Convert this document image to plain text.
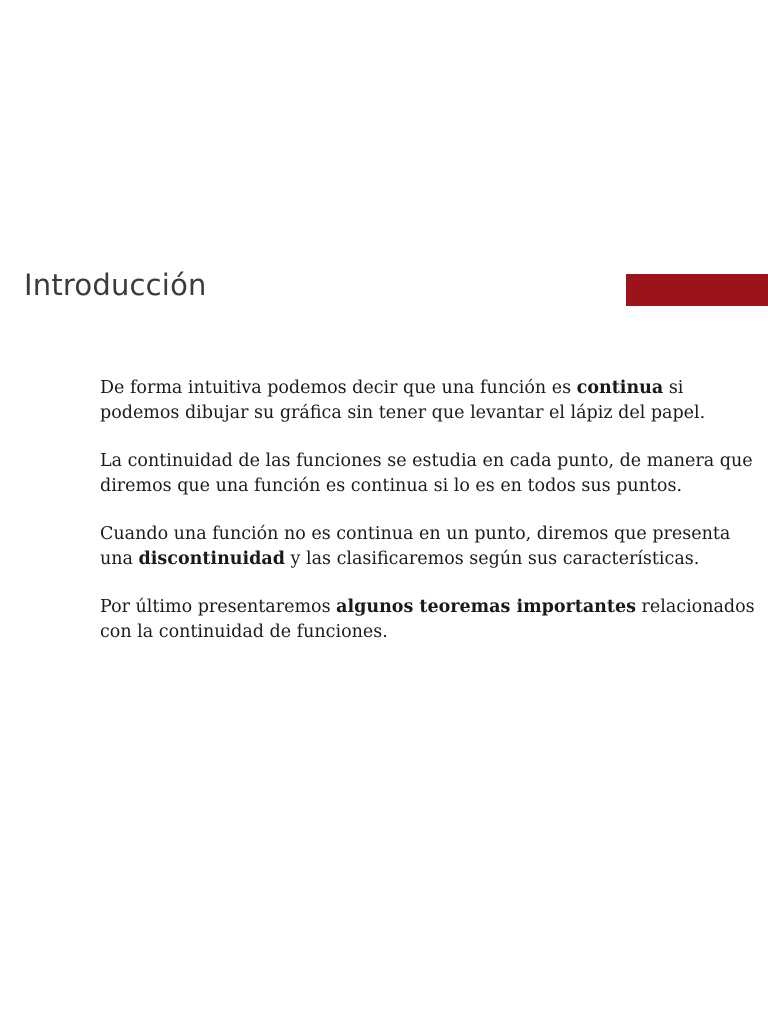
Introducción

De forma intuitiva podemos decir que una función es continua si podemos dibujar su gráfica sin tener que levantar el lápiz del papel.

La continuidad de las funciones se estudia en cada punto, de manera que diremos que una función es continua si lo es en todos sus puntos.

Cuando una función no es continua en un punto, diremos que presenta una discontinuidad y las clasificaremos según sus características.

Por último presentaremos algunos teoremas importantes relacionados con la continuidad de funciones.
